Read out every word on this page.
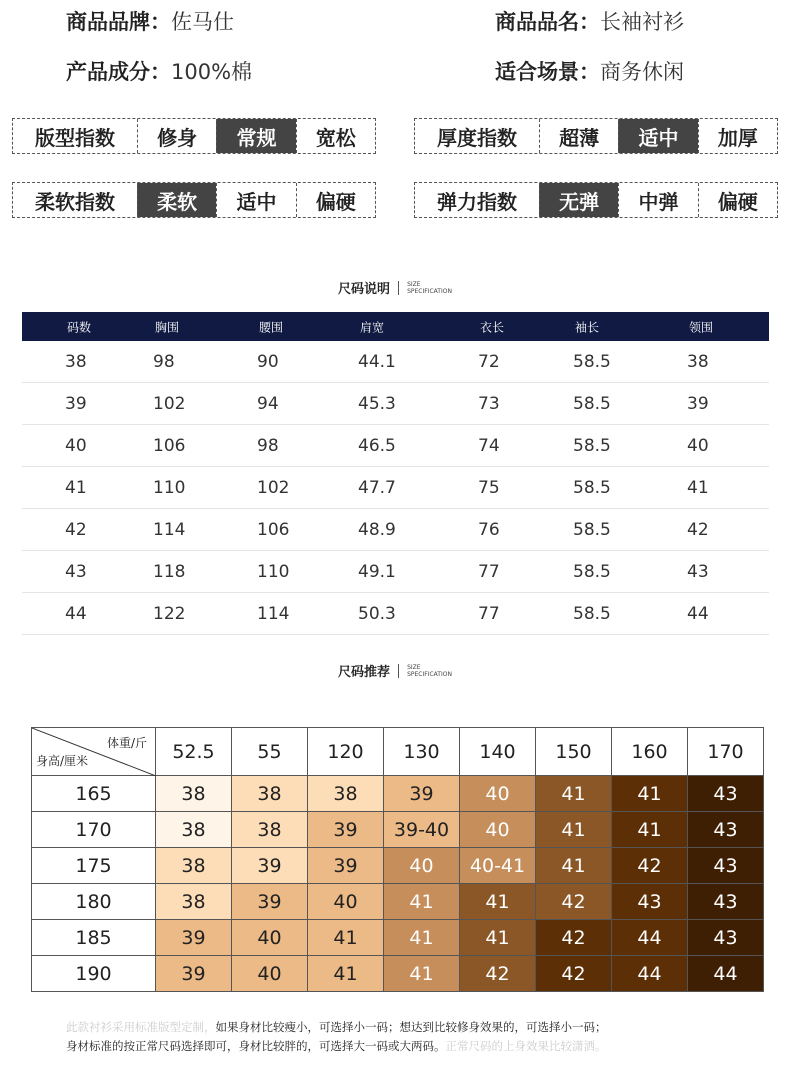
商品品牌：佐马仕	商品品名：长袖衬衫
产品成分：100%棉	适合场景：商务休闲
版型指数	修身	常规	宽松	厚度指数	超薄	适中	加厚
柔软指数	柔软	适中	偏硬	弹力指数	无弹	中弹	偏硬
尺码说明	SIZE
SPECIFICATION
码数	胸围	腰围	肩宽	衣长	袖长	领围
38	98	90	44.1	72	58.5	38
39	102	94	45.3	73	58.5	39
40	106	98	46.5	74	58.5	40
41	110	102	47.7	75	58.5	41
42	114	106	48.9	76	58.5	42
43	118	110	49.1	77	58.5	43
44	122	114	50.3	77	58.5	44
尺码推荐	SIZE
SPECIFICATION
体重/斤
身高/厘米	52.5	55	120	130	140	150	160	170
165	38	38	38	39	40	41	41	43
170	38	38	39	39-40	40	41	41	43
175	38	39	39	40	40-41	41	42	43
180	38	39	40	41	41	42	43	43
185	39	40	41	41	41	42	44	43
190	39	40	41	41	42	42	44	44
此款衬衫采用标准版型定制，如果身材比较瘦小，可选择小一码；想达到比较修身效果的，可选择小一码；
身材标准的按正常尺码选择即可，身材比较胖的，可选择大一码或大两码。正常尺码的上身效果比较潇洒。
